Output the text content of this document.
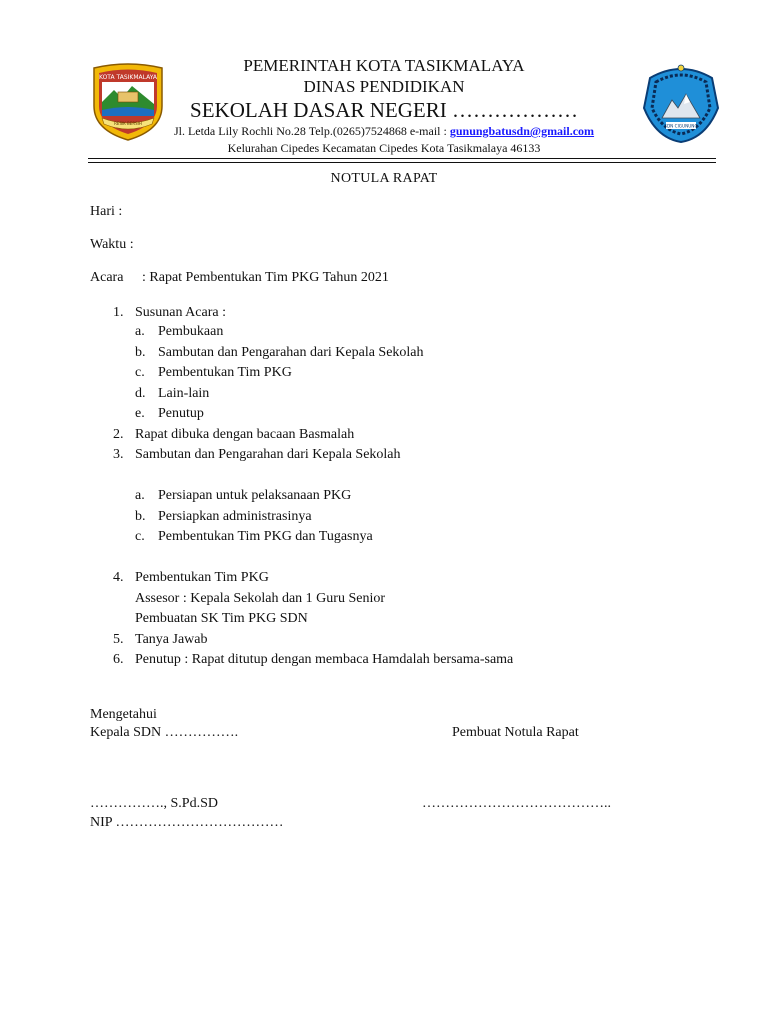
KOTA TASIKMALAYA
RESIK BERSIH	SDN CIGUNUNG
PEMERINTAH KOTA TASIKMALAYA
DINAS PENDIDIKAN
SEKOLAH DASAR NEGERI ………………
Jl. Letda Lily Rochli No.28 Telp.(0265)7524868 e-mail : gunungbatusdn@gmail.com
Kelurahan Cipedes Kecamatan Cipedes Kota Tasikmalaya 46133
NOTULA RAPAT
Hari :
Waktu :
Acara : Rapat Pembentukan Tim PKG Tahun 2021
1. Susunan Acara :
a. Pembukaan
b. Sambutan dan Pengarahan dari Kepala Sekolah
c. Pembentukan Tim PKG
d. Lain-lain
e. Penutup
2. Rapat dibuka dengan bacaan Basmalah
3. Sambutan dan Pengarahan dari Kepala Sekolah
a. Persiapan untuk pelaksanaan PKG
b. Persiapkan administrasinya
c. Pembentukan Tim PKG dan Tugasnya
4. Pembentukan Tim PKG
Assesor : Kepala Sekolah dan 1 Guru Senior
Pembuatan SK Tim PKG SDN
5. Tanya Jawab
6. Penutup : Rapat ditutup dengan membaca Hamdalah bersama-sama
Mengetahui
Kepala SDN …………….	Pembuat Notula Rapat
……………., S.Pd.SD	…………………………………..
NIP ………………………………
